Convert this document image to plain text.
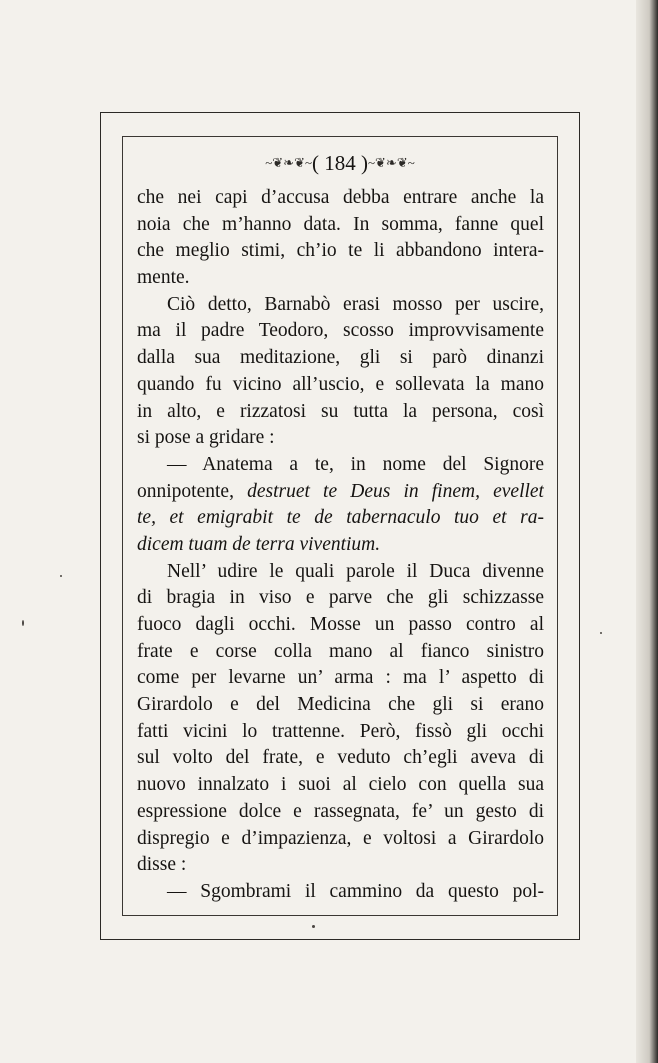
~❦❧❦~( 184 )~❦❧❦~
che nei capi d’accusa debba entrare anche la
noia che m’hanno data. In somma, fanne quel
che meglio stimi, ch’io te li abbandono intera-
mente.
Ciò detto, Barnabò erasi mosso per uscire,
ma il padre Teodoro, scosso improvvisamente
dalla sua meditazione, gli si parò dinanzi
quando fu vicino all’uscio, e sollevata la mano
in alto, e rizzatosi su tutta la persona, così
si pose a gridare :
— Anatema a te, in nome del Signore
onnipotente, destruet te Deus in finem, evellet
te, et emigrabit te de tabernaculo tuo et ra-
dicem tuam de terra viventium.
Nell’ udire le quali parole il Duca divenne
di bragia in viso e parve che gli schizzasse
fuoco dagli occhi. Mosse un passo contro al
frate e corse colla mano al fianco sinistro
come per levarne un’ arma : ma l’ aspetto di
Girardolo e del Medicina che gli si erano
fatti vicini lo trattenne. Però, fissò gli occhi
sul volto del frate, e veduto ch’egli aveva di
nuovo innalzato i suoi al cielo con quella sua
espressione dolce e rassegnata, fe’ un gesto di
dispregio e d’impazienza, e voltosi a Girardolo
disse :
— Sgombrami il cammino da questo pol-
